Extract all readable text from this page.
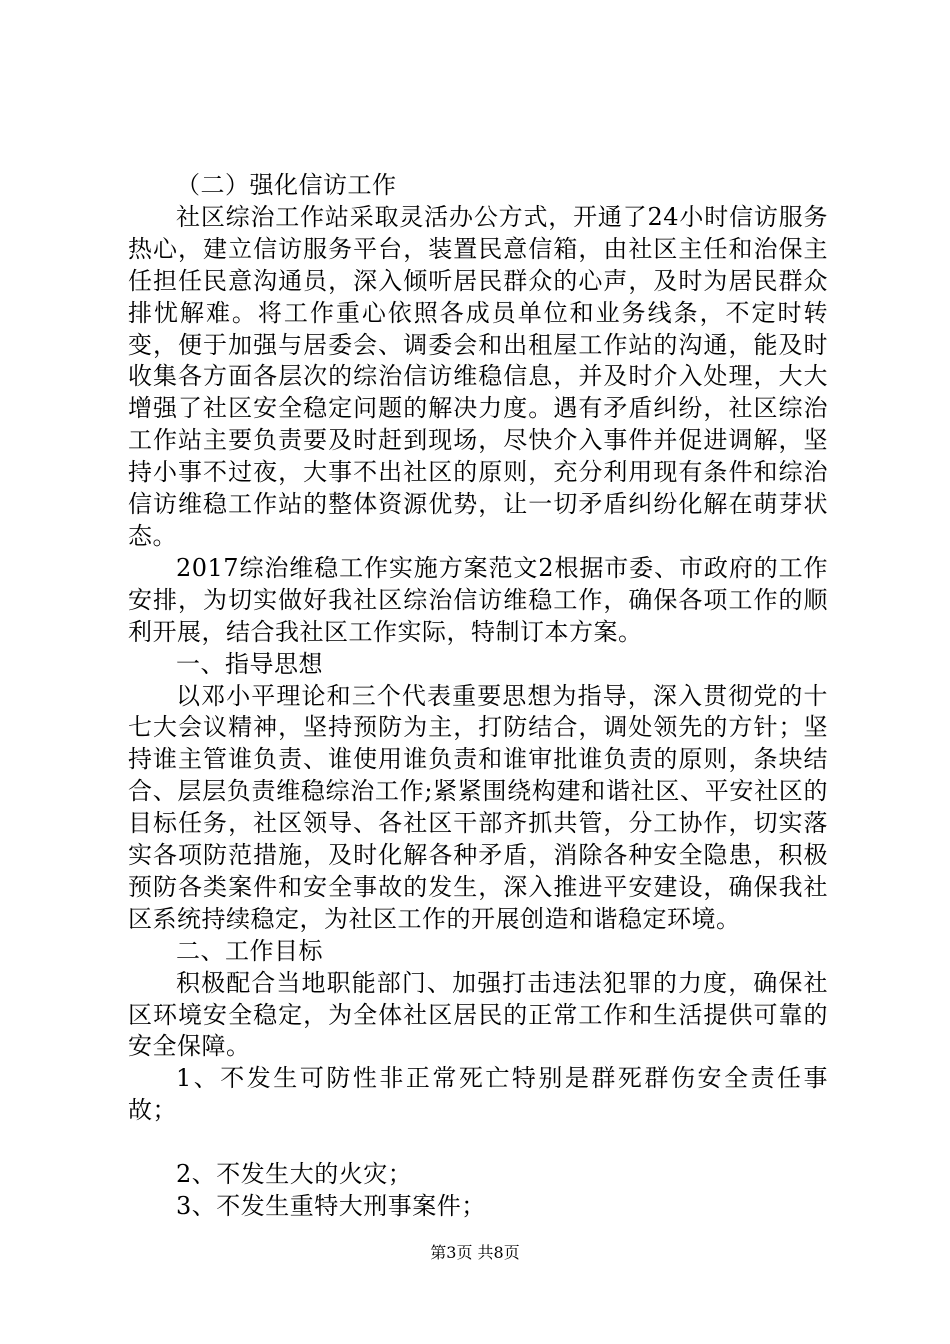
（二）强化信访工作

社区综治工作站采取灵活办公方式，开通了24小时信访服务热心，建立信访服务平台，装置民意信箱，由社区主任和治保主任担任民意沟通员，深入倾听居民群众的心声，及时为居民群众排忧解难。将工作重心依照各成员单位和业务线条，不定时转变，便于加强与居委会、调委会和出租屋工作站的沟通，能及时收集各方面各层次的综治信访维稳信息，并及时介入处理，大大增强了社区安全稳定问题的解决力度。遇有矛盾纠纷，社区综治工作站主要负责要及时赶到现场，尽快介入事件并促进调解，坚持小事不过夜，大事不出社区的原则，充分利用现有条件和综治信访维稳工作站的整体资源优势，让一切矛盾纠纷化解在萌芽状态。

2017综治维稳工作实施方案范文2根据市委、市政府的工作安排，为切实做好我社区综治信访维稳工作，确保各项工作的顺利开展，结合我社区工作实际，特制订本方案。

一、指导思想

以邓小平理论和三个代表重要思想为指导，深入贯彻党的十七大会议精神，坚持预防为主，打防结合，调处领先的方针；坚持谁主管谁负责、谁使用谁负责和谁审批谁负责的原则，条块结合、层层负责维稳综治工作;紧紧围绕构建和谐社区、平安社区的目标任务，社区领导、各社区干部齐抓共管，分工协作，切实落实各项防范措施，及时化解各种矛盾，消除各种安全隐患，积极预防各类案件和安全事故的发生，深入推进平安建设，确保我社区系统持续稳定，为社区工作的开展创造和谐稳定环境。

二、工作目标

积极配合当地职能部门、加强打击违法犯罪的力度，确保社区环境安全稳定，为全体社区居民的正常工作和生活提供可靠的安全保障。

1、不发生可防性非正常死亡特别是群死群伤安全责任事故；

2、不发生大的火灾；

3、不发生重特大刑事案件；

第3页 共8页
